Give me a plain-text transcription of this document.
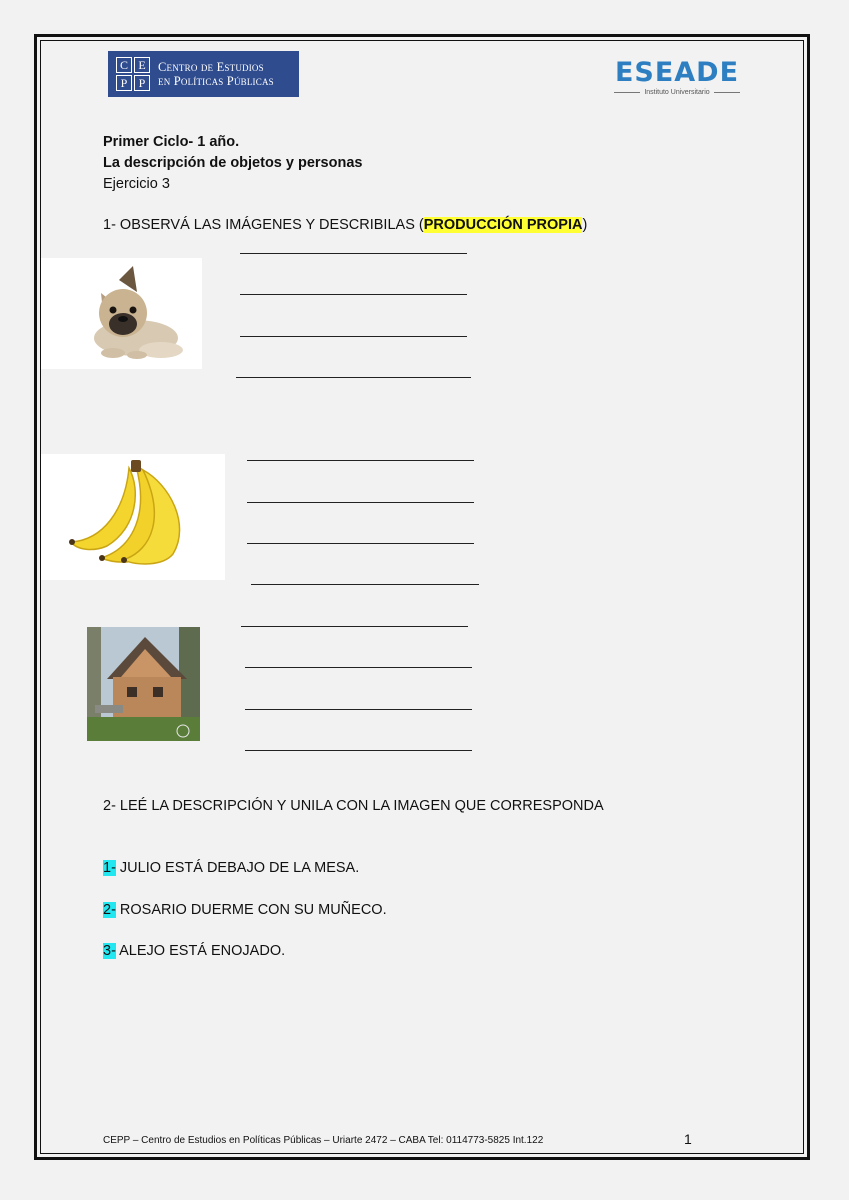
C E
P P
Centro de Estudios
en Políticas Públicas	ESEADE
Instituto Universitario
Primer Ciclo- 1 año.
La descripción de objetos y personas
Ejercicio 3
1- OBSERVÁ LAS IMÁGENES Y DESCRIBILAS (PRODUCCIÓN PROPIA)
2- LEÉ LA DESCRIPCIÓN Y UNILA CON LA IMAGEN QUE CORRESPONDA
1- JULIO ESTÁ DEBAJO DE LA MESA.
2- ROSARIO DUERME CON SU MUÑECO.
3- ALEJO ESTÁ ENOJADO.
CEPP – Centro de Estudios en Políticas Públicas – Uriarte 2472 – CABA Tel: 0114773-5825 Int.122	1
